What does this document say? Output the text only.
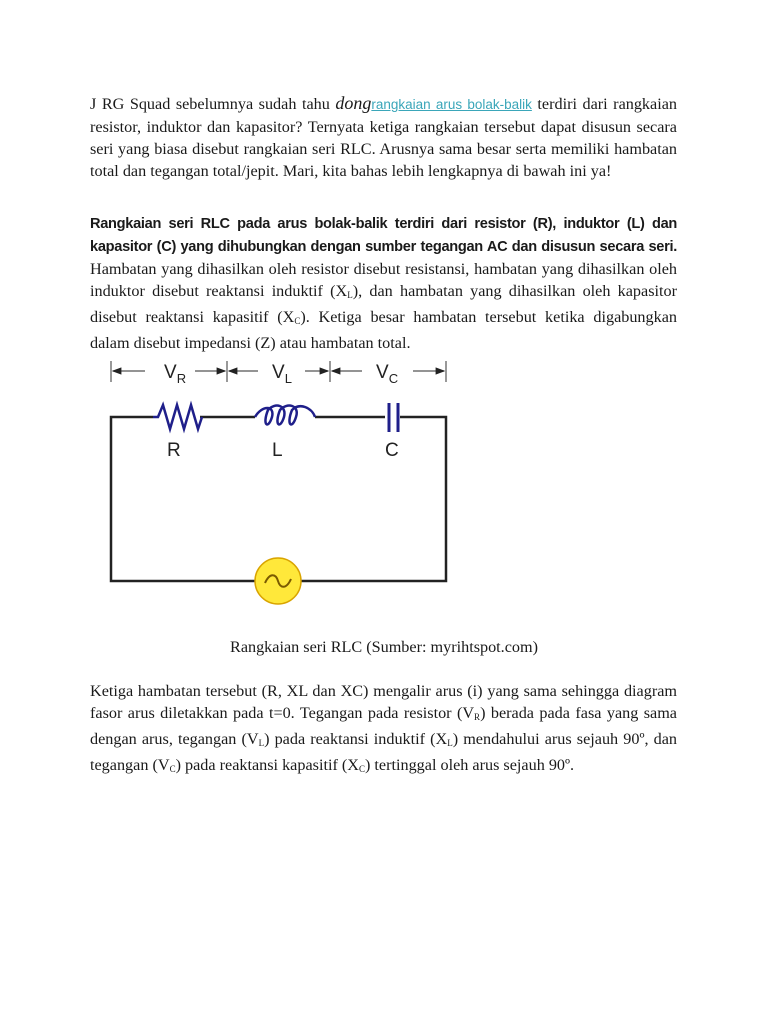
J RG Squad sebelumnya sudah tahu dongrangkaian arus bolak-balik terdiri dari rangkaian resistor, induktor dan kapasitor? Ternyata ketiga rangkaian tersebut dapat disusun secara seri yang biasa disebut rangkaian seri RLC. Arusnya sama besar serta memiliki hambatan total dan tegangan total/jepit. Mari, kita bahas lebih lengkapnya di bawah ini ya!
Rangkaian seri RLC pada arus bolak-balik terdiri dari resistor (R), induktor (L) dan kapasitor (C) yang dihubungkan dengan sumber tegangan AC dan disusun secara seri. Hambatan yang dihasilkan oleh resistor disebut resistansi, hambatan yang dihasilkan oleh induktor disebut reaktansi induktif $(X_L)$, dan hambatan yang dihasilkan oleh kapasitor disebut reaktansi kapasitif $(X_C)$. Ketiga besar hambatan tersebut ketika digabungkan dalam disebut impedansi (Z) atau hambatan total.
$V_R$	$V_L$	$V_C$
R	L	C
Rangkaian seri RLC (Sumber: myrihtspot.com)
Ketiga hambatan tersebut (R, XL dan XC) mengalir arus (i) yang sama sehingga diagram fasor arus diletakkan pada t=0. Tegangan pada resistor $(V_R)$ berada pada fasa yang sama dengan arus, tegangan $(V_L)$ pada reaktansi induktif $(X_L)$ mendahului arus sejauh 90º, dan tegangan $(V_C)$ pada reaktansi kapasitif $(X_C)$ tertinggal oleh arus sejauh 90º.
